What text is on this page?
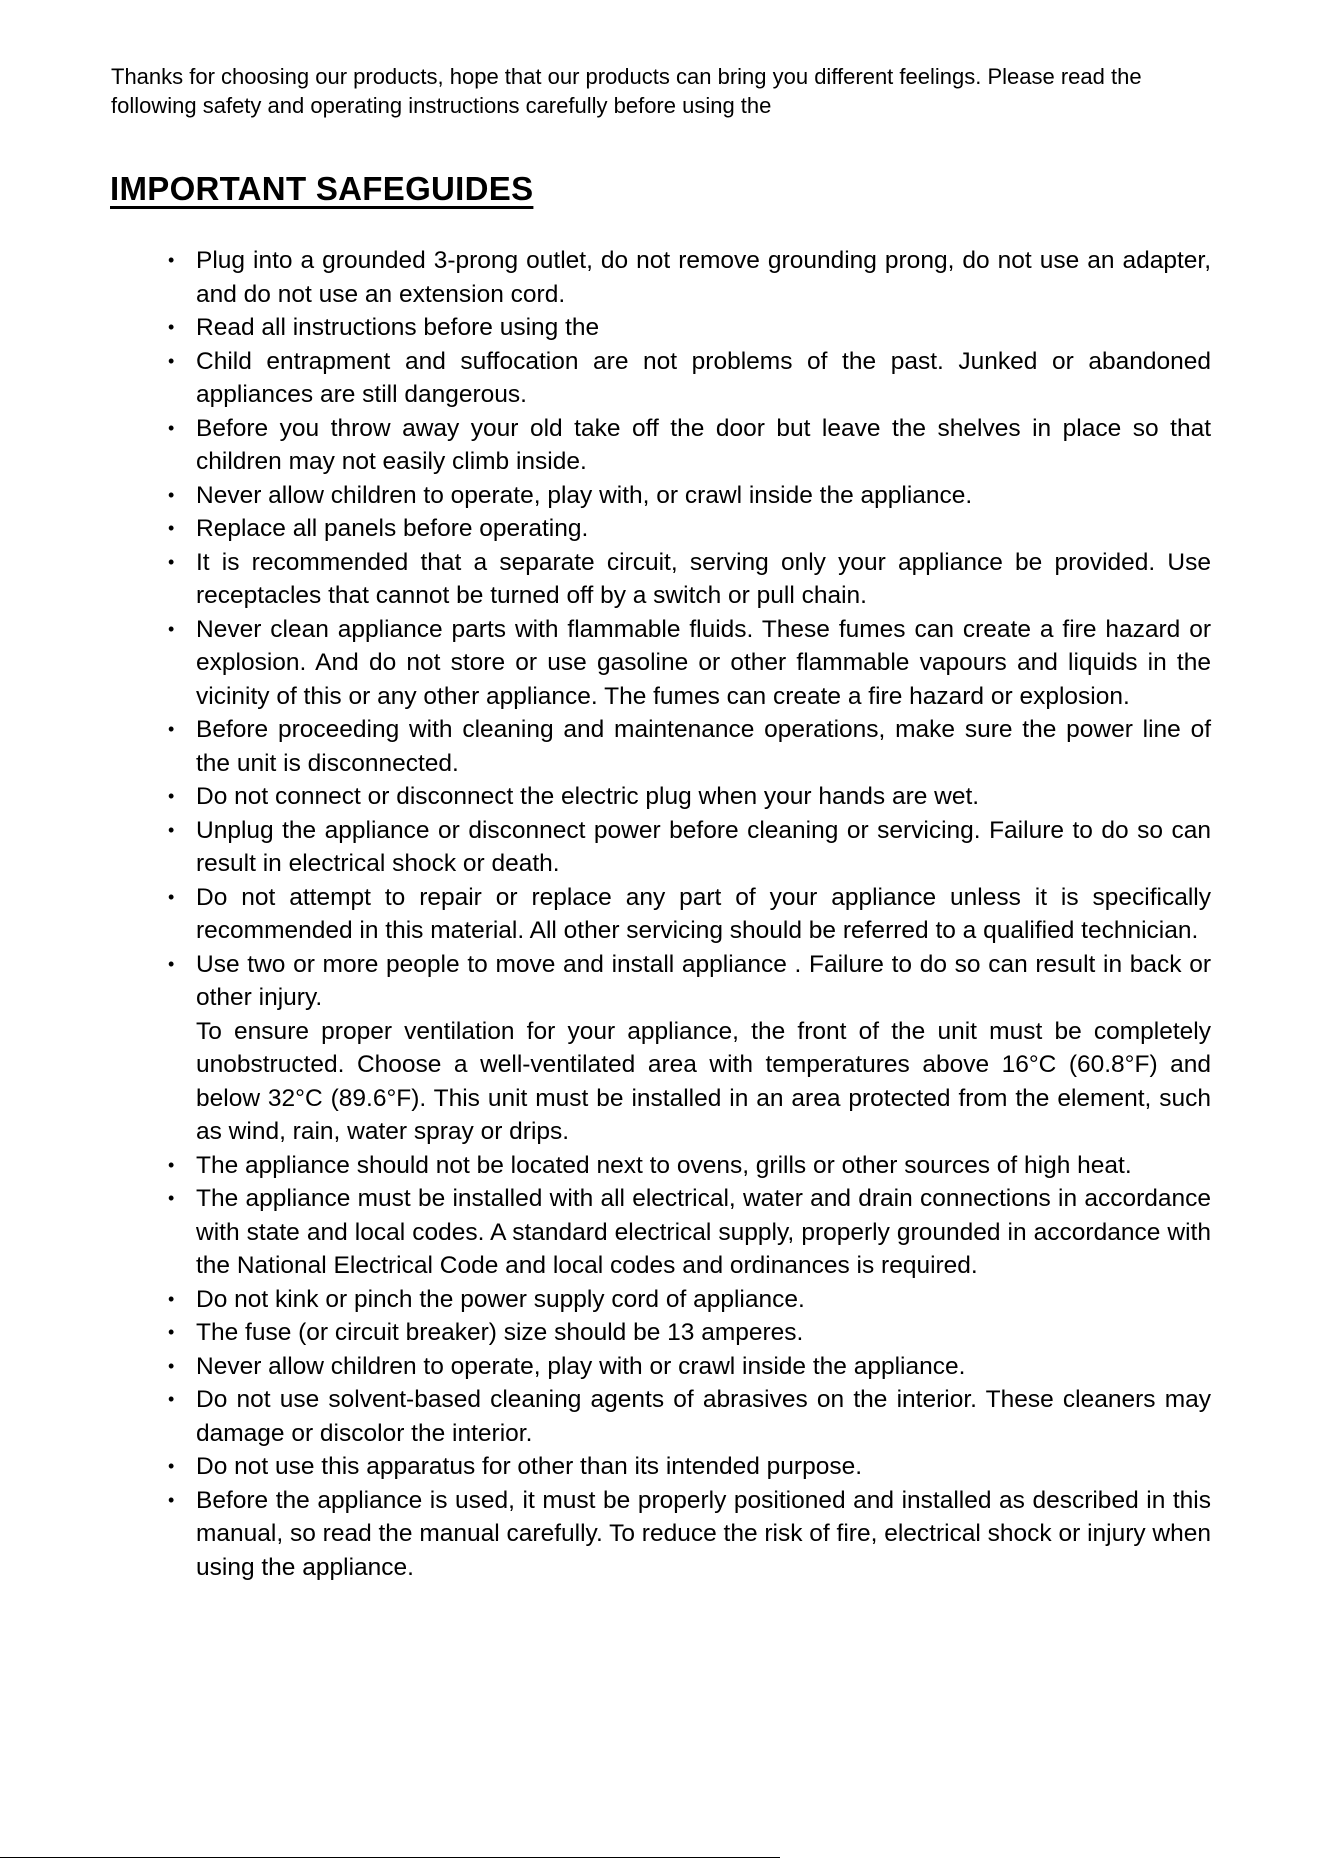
Thanks for choosing our products, hope that our products can bring you different feelings. Please read the following safety and operating instructions carefully before using the

IMPORTANT SAFEGUIDES
• Plug into a grounded 3-prong outlet, do not remove grounding prong, do not use an adapter, and do not use an extension cord.
• Read all instructions before using the
• Child entrapment and suffocation are not problems of the past. Junked or abandoned appliances are still dangerous.
• Before you throw away your old take off the door but leave the shelves in place so that children may not easily climb inside.
• Never allow children to operate, play with, or crawl inside the appliance.
• Replace all panels before operating.
• It is recommended that a separate circuit, serving only your appliance be provided. Use receptacles that cannot be turned off by a switch or pull chain.
• Never clean appliance parts with flammable fluids. These fumes can create a fire hazard or explosion. And do not store or use gasoline or other flammable vapours and liquids in the vicinity of this or any other appliance. The fumes can create a fire hazard or explosion.
• Before proceeding with cleaning and maintenance operations, make sure the power line of the unit is disconnected.
• Do not connect or disconnect the electric plug when your hands are wet.
• Unplug the appliance or disconnect power before cleaning or servicing. Failure to do so can result in electrical shock or death.
• Do not attempt to repair or replace any part of your appliance unless it is specifically recommended in this material. All other servicing should be referred to a qualified technician.
• Use two or more people to move and install appliance . Failure to do so can result in back or other injury.
To ensure proper ventilation for your appliance, the front of the unit must be completely unobstructed. Choose a well-ventilated area with temperatures above 16°C (60.8°F) and below 32°C (89.6°F). This unit must be installed in an area protected from the element, such as wind, rain, water spray or drips.
• The appliance should not be located next to ovens, grills or other sources of high heat.
• The appliance must be installed with all electrical, water and drain connections in accordance with state and local codes. A standard electrical supply, properly grounded in accordance with the National Electrical Code and local codes and ordinances is required.
• Do not kink or pinch the power supply cord of appliance.
• The fuse (or circuit breaker) size should be 13 amperes.
• Never allow children to operate, play with or crawl inside the appliance.
• Do not use solvent-based cleaning agents of abrasives on the interior. These cleaners may damage or discolor the interior.
• Do not use this apparatus for other than its intended purpose.
• Before the appliance is used, it must be properly positioned and installed as described in this manual, so read the manual carefully. To reduce the risk of fire, electrical shock or injury when using the appliance.
